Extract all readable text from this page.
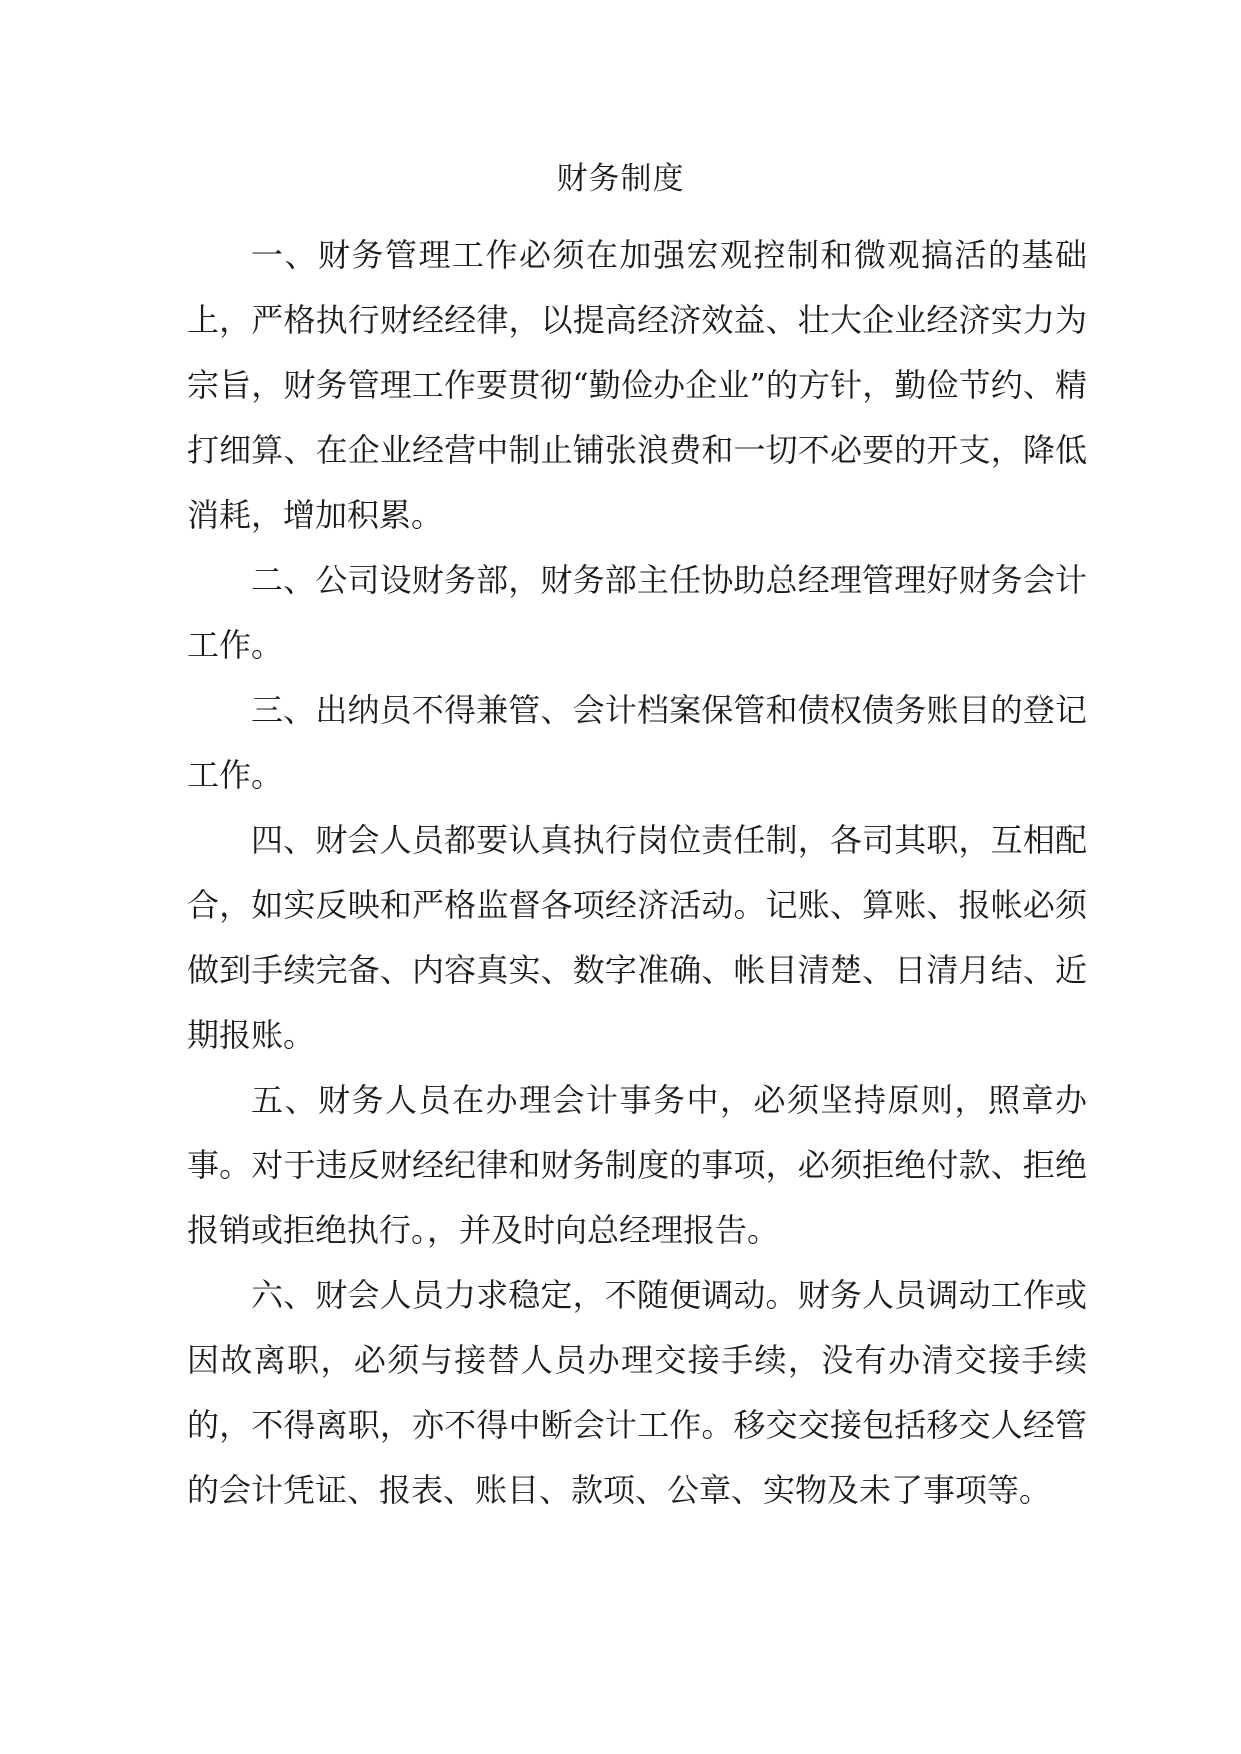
财务制度

一、财务管理工作必须在加强宏观控制和微观搞活的基础上，严格执行财经经律，以提高经济效益、壮大企业经济实力为宗旨，财务管理工作要贯彻“勤俭办企业”的方针，勤俭节约、精打细算、在企业经营中制止铺张浪费和一切不必要的开支，降低消耗，增加积累。

二、公司设财务部，财务部主任协助总经理管理好财务会计工作。

三、出纳员不得兼管、会计档案保管和债权债务账目的登记工作。

四、财会人员都要认真执行岗位责任制，各司其职，互相配合，如实反映和严格监督各项经济活动。记账、算账、报帐必须做到手续完备、内容真实、数字准确、帐目清楚、日清月结、近期报账。

五、财务人员在办理会计事务中，必须坚持原则，照章办事。对于违反财经纪律和财务制度的事项，必须拒绝付款、拒绝报销或拒绝执行。，并及时向总经理报告。

六、财会人员力求稳定，不随便调动。财务人员调动工作或因故离职，必须与接替人员办理交接手续，没有办清交接手续的，不得离职，亦不得中断会计工作。移交交接包括移交人经管的会计凭证、报表、账目、款项、公章、实物及未了事项等。
